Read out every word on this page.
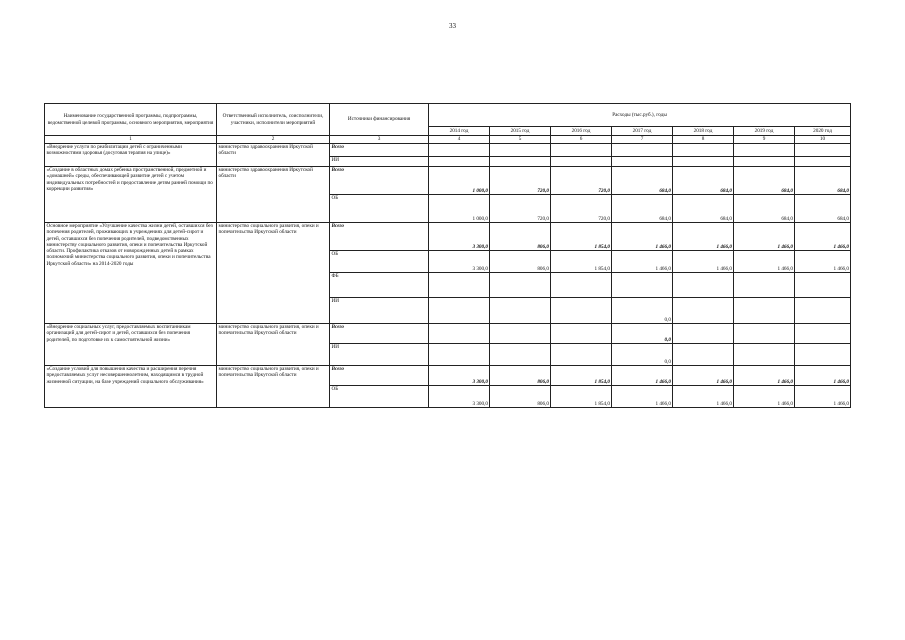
33
Наименование государственной программы, подпрограммы, ведомственной целевой программы, основного мероприятия, мероприятия	Ответственный исполнитель, соисполнители, участники, исполнители мероприятий	Источники финансирования	Расходы (тыс.руб.), годы						
			2014 год	2015 год	2016 год	2017 год	2018 год	2019 год	2020 год
1	2	3	4	5	6	7	8	9	10
«Внедрение услуги по реабилитации детей с ограниченными возможностями здоровья (досуговая терапия на улице)»	министерство здравоохранения Иркутской области	Всего							
		ИИ							
«Создание в областных домах ребенка пространственной, предметной и «домашней» среды, обеспечивающей развитие детей с учетом индивидуальных потребностей и предоставление детям ранней помощи по коррекции развития»	министерство здравоохранения Иркутской области	Всего	1 000,0	720,0	720,0	684,0	684,0	684,0	684,0
		ОБ	1 000,0	720,0	720,0	684,0	684,0	684,0	684,0
Основное мероприятие «Улучшение качества жизни детей, оставшихся без попечения родителей, проживающих в учреждениях для детей-сирот и детей, оставшихся без попечения родителей, подведомственных министерству социального развития, опеки и попечительства Иркутской области. Профилактика отказов от новорожденных детей в рамках полномочий министерства социального развития, опеки и попечительства Иркутской области» на 2014-2020 годы	министерство социального развития, опеки и попечительства Иркутской области	Всего	3 300,0	806,0	1 854,0	1 466,0	1 466,0	1 466,0	1 466,0
		ОБ	3 300,0	806,0	1 854,0	1 466,0	1 466,0	1 466,0	1 466,0
		ФБ							
		ИИ				0,0			
«Внедрение социальных услуг, предоставляемых воспитанникам организаций для детей-сирот и детей, оставшихся без попечения родителей, по подготовке их к самостоятельной жизни»	министерство социального развития, опеки и попечительства Иркутской области	Всего				0,0			
		ИИ				0,0			
«Создание условий для повышения качества и расширения перечня предоставляемых услуг несовершеннолетним, находящимся в трудной жизненной ситуации, на базе учреждений социального обслуживания»	министерство социального развития, опеки и попечительства Иркутской области	Всего	3 300,0	806,0	1 854,0	1 466,0	1 466,0	1 466,0	1 466,0
		ОБ	3 300,0	806,0	1 854,0	1 466,0	1 466,0	1 466,0	1 466,0
